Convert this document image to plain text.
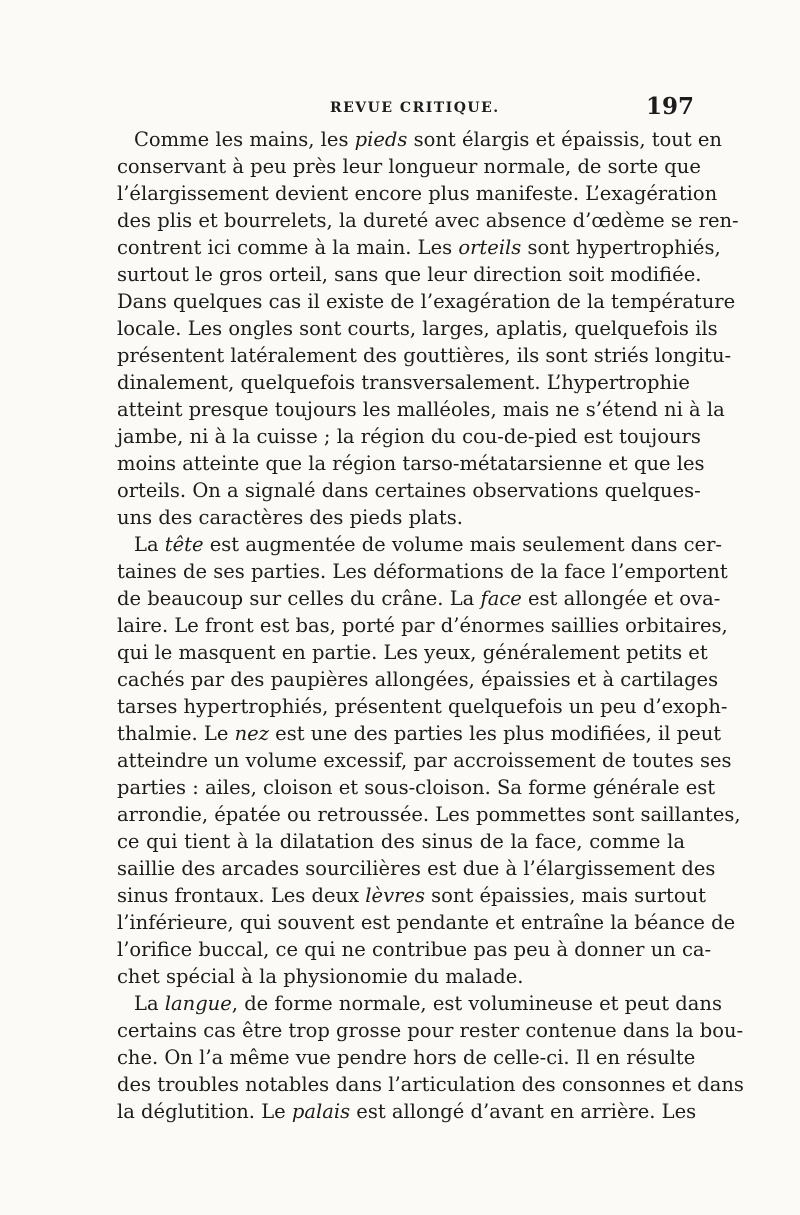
REVUE CRITIQUE.	197
Comme les mains, les pieds sont élargis et épaissis, tout en
conservant à peu près leur longueur normale, de sorte que
l’élargissement devient encore plus manifeste. L’exagération
des plis et bourrelets, la dureté avec absence d’œdème se ren-
contrent ici comme à la main. Les orteils sont hypertrophiés,
surtout le gros orteil, sans que leur direction soit modifiée.
Dans quelques cas il existe de l’exagération de la température
locale. Les ongles sont courts, larges, aplatis, quelquefois ils
présentent latéralement des gouttières, ils sont striés longitu-
dinalement, quelquefois transversalement. L’hypertrophie
atteint presque toujours les malléoles, mais ne s’étend ni à la
jambe, ni à la cuisse ; la région du cou-de-pied est toujours
moins atteinte que la région tarso-métatarsienne et que les
orteils. On a signalé dans certaines observations quelques-
uns des caractères des pieds plats.
La tête est augmentée de volume mais seulement dans cer-
taines de ses parties. Les déformations de la face l’emportent
de beaucoup sur celles du crâne. La face est allongée et ova-
laire. Le front est bas, porté par d’énormes saillies orbitaires,
qui le masquent en partie. Les yeux, généralement petits et
cachés par des paupières allongées, épaissies et à cartilages
tarses hypertrophiés, présentent quelquefois un peu d’exoph-
thalmie. Le nez est une des parties les plus modifiées, il peut
atteindre un volume excessif, par accroissement de toutes ses
parties : ailes, cloison et sous-cloison. Sa forme générale est
arrondie, épatée ou retroussée. Les pommettes sont saillantes,
ce qui tient à la dilatation des sinus de la face, comme la
saillie des arcades sourcilières est due à l’élargissement des
sinus frontaux. Les deux lèvres sont épaissies, mais surtout
l’inférieure, qui souvent est pendante et entraîne la béance de
l’orifice buccal, ce qui ne contribue pas peu à donner un ca-
chet spécial à la physionomie du malade.
La langue, de forme normale, est volumineuse et peut dans
certains cas être trop grosse pour rester contenue dans la bou-
che. On l’a même vue pendre hors de celle-ci. Il en résulte
des troubles notables dans l’articulation des consonnes et dans
la déglutition. Le palais est allongé d’avant en arrière. Les
